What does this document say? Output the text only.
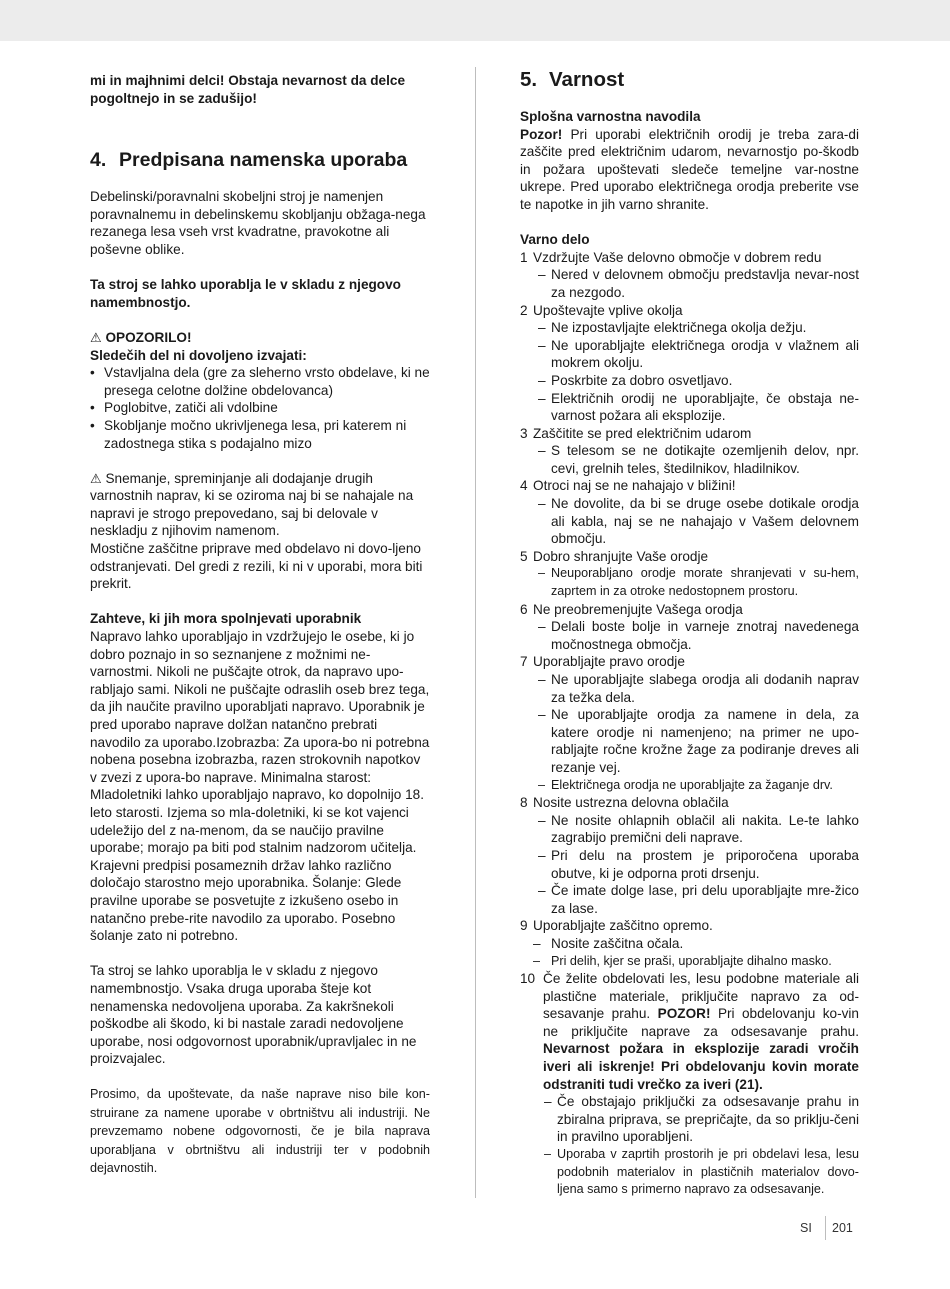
mi in majhnimi delci! Obstaja nevarnost da delce pogoltnejo in se zadušijo!

4. Predpisana namenska uporaba

Debelinski/poravnalni skobeljni stroj je namenjen poravnalnemu in debelinskemu skobljanju obžaga-nega rezanega lesa vseh vrst kvadratne, pravokotne ali poševne oblike.

Ta stroj se lahko uporablja le v skladu z njegovo namembnostjo.

⚠ OPOZORILO!

Sledečih del ni dovoljeno izvajati:

• Vstavljalna dela (gre za sleherno vrsto obdelave, ki ne presega celotne dolžine obdelovanca)
• Poglobitve, zatiči ali vdolbine
• Skobljanje močno ukrivljenega lesa, pri katerem ni zadostnega stika s podajalno mizo

⚠ Snemanje, spreminjanje ali dodajanje drugih varnostnih naprav, ki se oziroma naj bi se nahajale na napravi je strogo prepovedano, saj bi delovale v neskladju z njihovim namenom.

Mostične zaščitne priprave med obdelavo ni dovo-ljeno odstranjevati. Del gredi z rezili, ki ni v uporabi, mora biti prekrit.

Zahteve, ki jih mora spolnjevati uporabnik

Napravo lahko uporabljajo in vzdržujejo le osebe, ki jo dobro poznajo in so seznanjene z možnimi ne-varnostmi. Nikoli ne puščajte otrok, da napravo upo-rabljajo sami. Nikoli ne puščajte odraslih oseb brez tega, da jih naučite pravilno uporabljati napravo. Uporabnik je pred uporabo naprave dolžan natančno prebrati navodilo za uporabo.Izobrazba: Za upora-bo ni potrebna nobena posebna izobrazba, razen strokovnih napotkov v zvezi z upora-bo naprave. Minimalna starost: Mladoletniki lahko uporabljajo napravo, ko dopolnijo 18. leto starosti. Izjema so mla-doletniki, ki se kot vajenci udeležijo del z na-menom, da se naučijo pravilne uporabe; morajo pa biti pod stalnim nadzorom učitelja. Krajevni predpisi posameznih držav lahko različno določajo starostno mejo uporabnika. Šolanje: Glede pravilne uporabe se posvetujte z izkušeno osebo in natančno prebe-rite navodilo za uporabo. Posebno šolanje zato ni potrebno.

Ta stroj se lahko uporablja le v skladu z njegovo namembnostjo. Vsaka druga uporaba šteje kot nenamenska nedovoljena uporaba. Za kakršnekoli poškodbe ali škodo, ki bi nastale zaradi nedovoljene uporabe, nosi odgovornost uporabnik/upravljalec in ne proizvajalec.

Prosimo, da upoštevate, da naše naprave niso bile kon-struirane za namene uporabe v obrtništvu ali industriji. Ne prevzemamo nobene odgovornosti, če je bila naprava uporabljana v obrtništvu ali industriji ter v podobnih dejavnostih.

5. Varnost

Splošna varnostna navodila

Pozor! Pri uporabi električnih orodij je treba zara-di zaščite pred električnim udarom, nevarnostjo po-škodb in požara upoštevati sledeče temeljne var-nostne ukrepe. Pred uporabo električnega orodja preberite vse te napotke in jih varno shranite.

Varno delo

1 Vzdržujte Vaše delovno območje v dobrem redu
– Nered v delovnem območju predstavlja nevar-nost za nezgodo.
2 Upoštevajte vplive okolja
– Ne izpostavljajte električnega okolja dežju.
– Ne uporabljajte električnega orodja v vlažnem ali mokrem okolju.
– Poskrbite za dobro osvetljavo.
– Električnih orodij ne uporabljajte, če obstaja ne-varnost požara ali eksplozije.
3 Zaščitite se pred električnim udarom
– S telesom se ne dotikajte ozemljenih delov, npr. cevi, grelnih teles, štedilnikov, hladilnikov.
4 Otroci naj se ne nahajajo v bližini!
– Ne dovolite, da bi se druge osebe dotikale orodja ali kabla, naj se ne nahajajo v Vašem delovnem območju.
5 Dobro shranjujte Vaše orodje
– Neuporabljano orodje morate shranjevati v su-hem, zaprtem in za otroke nedostopnem prostoru.
6 Ne preobremenjujte Vašega orodja
– Delali boste bolje in varneje znotraj navedenega močnostnega območja.
7 Uporabljajte pravo orodje
– Ne uporabljajte slabega orodja ali dodanih naprav za težka dela.
– Ne uporabljajte orodja za namene in dela, za katere orodje ni namenjeno; na primer ne upo-rabljajte ročne krožne žage za podiranje dreves ali rezanje vej.
– Električnega orodja ne uporabljajte za žaganje drv.
8 Nosite ustrezna delovna oblačila
– Ne nosite ohlapnih oblačil ali nakita. Le-te lahko zagrabijo premični deli naprave.
– Pri delu na prostem je priporočena uporaba obutve, ki je odporna proti drsenju.
– Če imate dolge lase, pri delu uporabljajte mre-žico za lase.
9 Uporabljajte zaščitno opremo.
– Nosite zaščitna očala.
– Pri delih, kjer se praši, uporabljajte dihalno masko.
10 Če želite obdelovati les, lesu podobne materiale ali plastične materiale, priključite napravo za od-sesavanje prahu. POZOR! Pri obdelovanju ko-vin ne priključite naprave za odsesavanje prahu. Nevarnost požara in eksplozije zaradi vročih iveri ali iskrenje! Pri obdelovanju kovin morate odstraniti tudi vrečko za iveri (21).

– Če obstajajo priključki za odsesavanje prahu in zbiralna priprava, se prepričajte, da so priklju-čeni in pravilno uporabljeni.
– Uporaba v zaprtih prostorih je pri obdelavi lesa, lesu podobnih materialov in plastičnih materialov dovo-ljena samo s primerno napravo za odsesavanje.
SI 201
